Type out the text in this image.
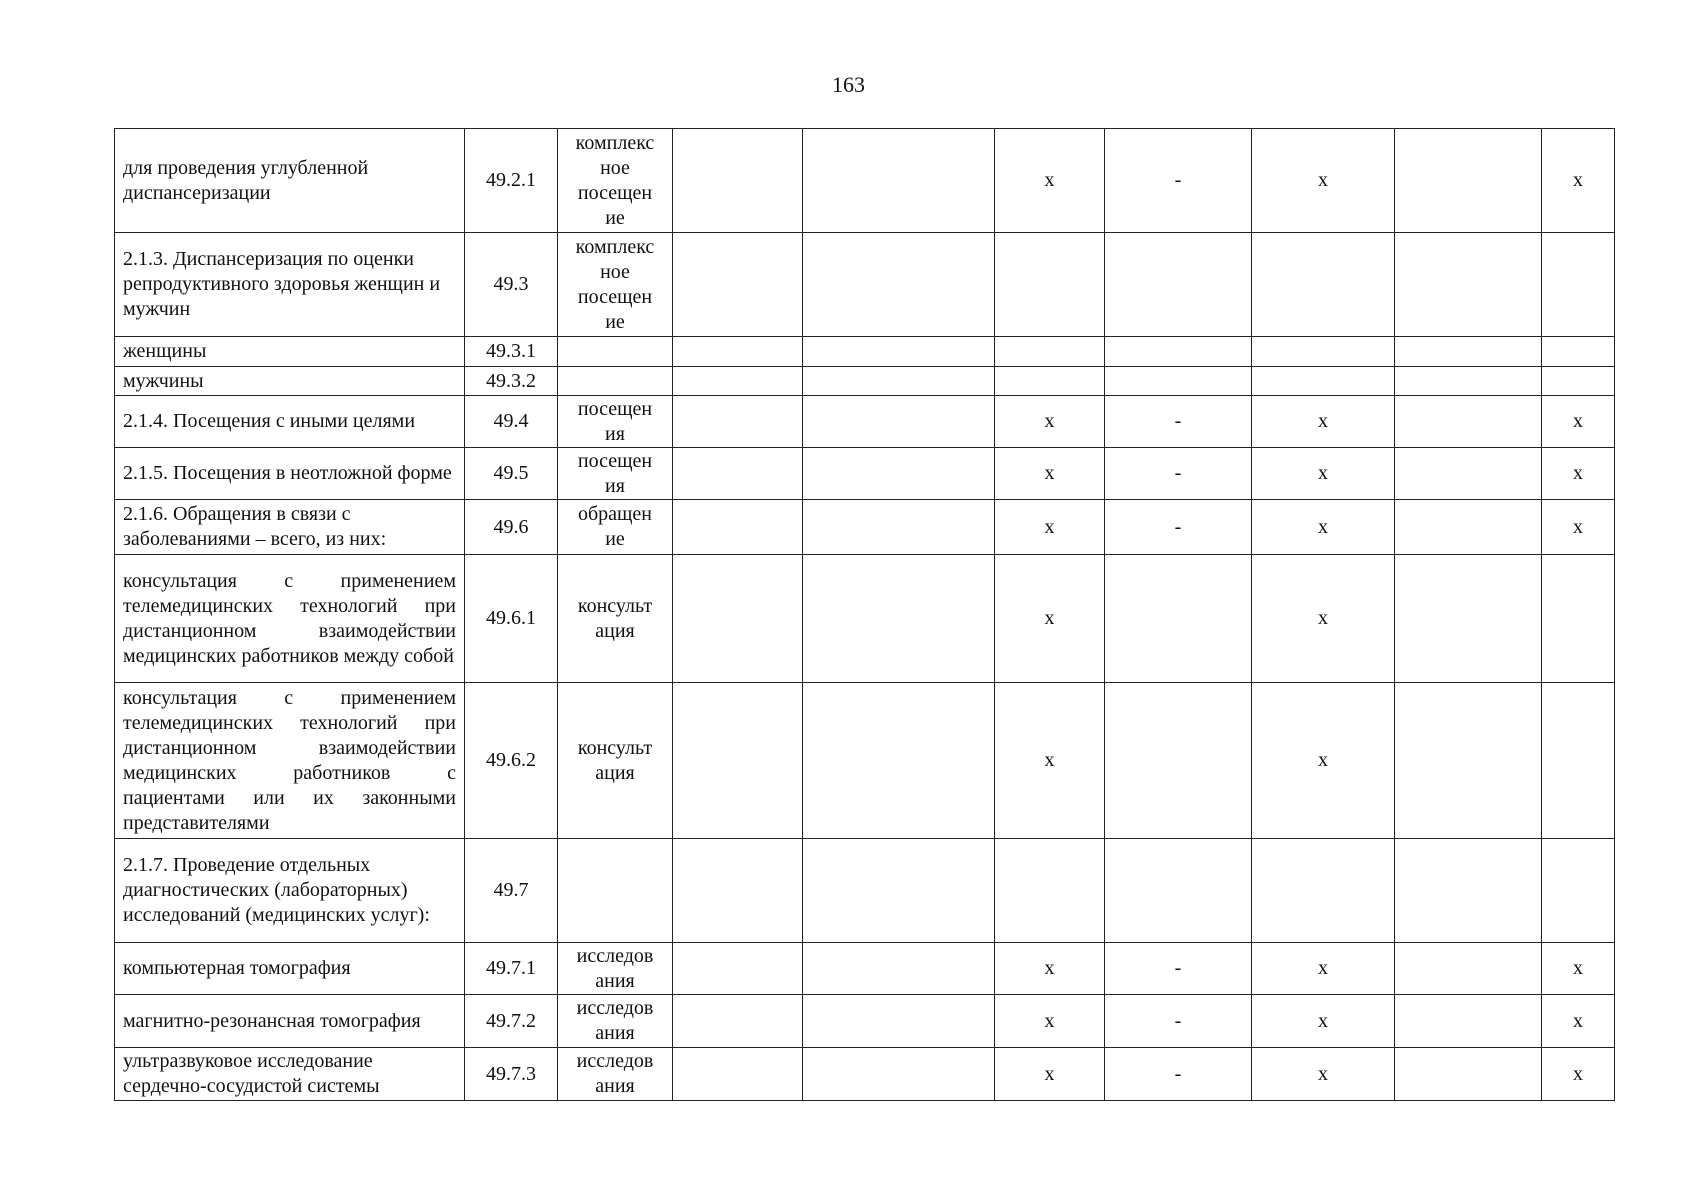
163
для проведения углубленной диспансеризации	49.2.1	комплекс ное посещен ие			х	-	х		х
2.1.3. Диспансеризация по оценки репродуктивного здоровья женщин и мужчин	49.3	комплекс ное посещен ие							
женщины	49.3.1								
мужчины	49.3.2								
2.1.4. Посещения с иными целями	49.4	посещен ия			х	-	х		х
2.1.5. Посещения в неотложной форме	49.5	посещен ия			х	-	х		х
2.1.6. Обращения в связи с заболеваниями – всего, из них:	49.6	обращен ие			х	-	х		х
консультация с применением телемедицинских технологий при дистанционном взаимодействии медицинских работников между собой	49.6.1	консульт ация			х		х		
консультация с применением телемедицинских технологий при дистанционном взаимодействии медицинских работников с пациентами или их законными представителями	49.6.2	консульт ация			х		х		
2.1.7. Проведение отдельных диагностических (лабораторных) исследований (медицинских услуг):	49.7								
компьютерная томография	49.7.1	исследов ания			х	-	х		х
магнитно-резонансная томография	49.7.2	исследов ания			х	-	х		х
ультразвуковое исследование сердечно-сосудистой системы	49.7.3	исследов ания			х	-	х		х
